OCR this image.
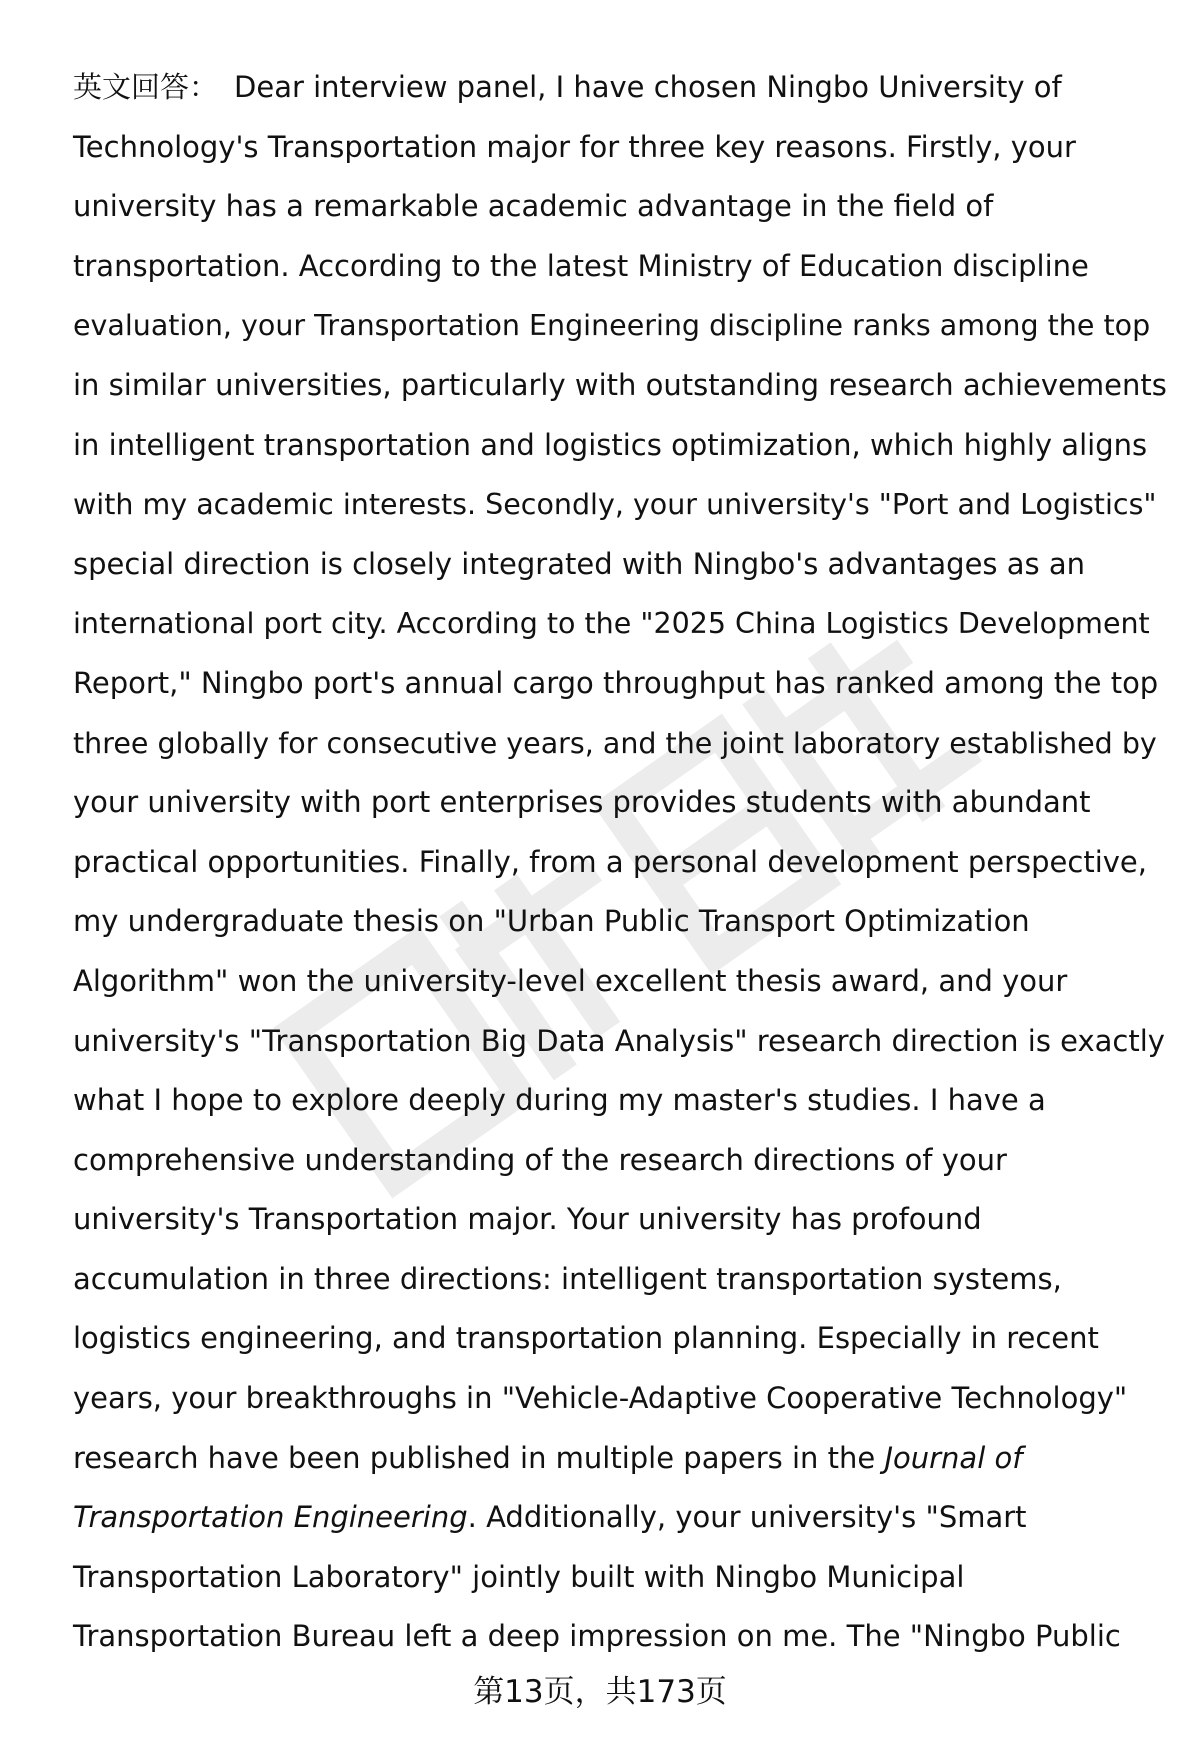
英文回答： Dear interview panel, I have chosen Ningbo University of
Technology's Transportation major for three key reasons. Firstly, your
university has a remarkable academic advantage in the field of
transportation. According to the latest Ministry of Education discipline
evaluation, your Transportation Engineering discipline ranks among the top
in similar universities, particularly with outstanding research achievements
in intelligent transportation and logistics optimization, which highly aligns
with my academic interests. Secondly, your university's "Port and Logistics"
special direction is closely integrated with Ningbo's advantages as an
international port city. According to the "2025 China Logistics Development
Report," Ningbo port's annual cargo throughput has ranked among the top
three globally for consecutive years, and the joint laboratory established by
your university with port enterprises provides students with abundant
practical opportunities. Finally, from a personal development perspective,
my undergraduate thesis on "Urban Public Transport Optimization
Algorithm" won the university-level excellent thesis award, and your
university's "Transportation Big Data Analysis" research direction is exactly
what I hope to explore deeply during my master's studies. I have a
comprehensive understanding of the research directions of your
university's Transportation major. Your university has profound
accumulation in three directions: intelligent transportation systems,
logistics engineering, and transportation planning. Especially in recent
years, your breakthroughs in "Vehicle-Adaptive Cooperative Technology"
research have been published in multiple papers in the Journal of
Transportation Engineering. Additionally, your university's "Smart
Transportation Laboratory" jointly built with Ningbo Municipal
Transportation Bureau left a deep impression on me. The "Ningbo Public
第13页，共173页
